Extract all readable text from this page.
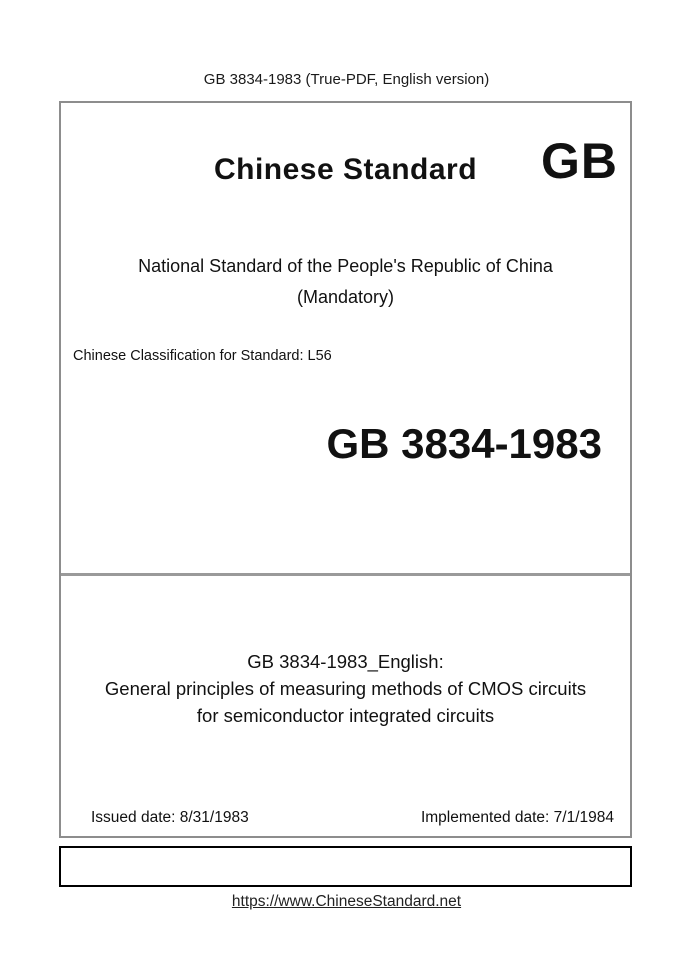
GB 3834-1983 (True-PDF, English version)
Chinese Standard	GB
National Standard of the People's Republic of China
(Mandatory)
Chinese Classification for Standard: L56
GB 3834-1983
GB 3834-1983_English:
General principles of measuring methods of CMOS circuits
for semiconductor integrated circuits
Issued date: 8/31/1983	Implemented date: 7/1/1984
https://www.ChineseStandard.net
